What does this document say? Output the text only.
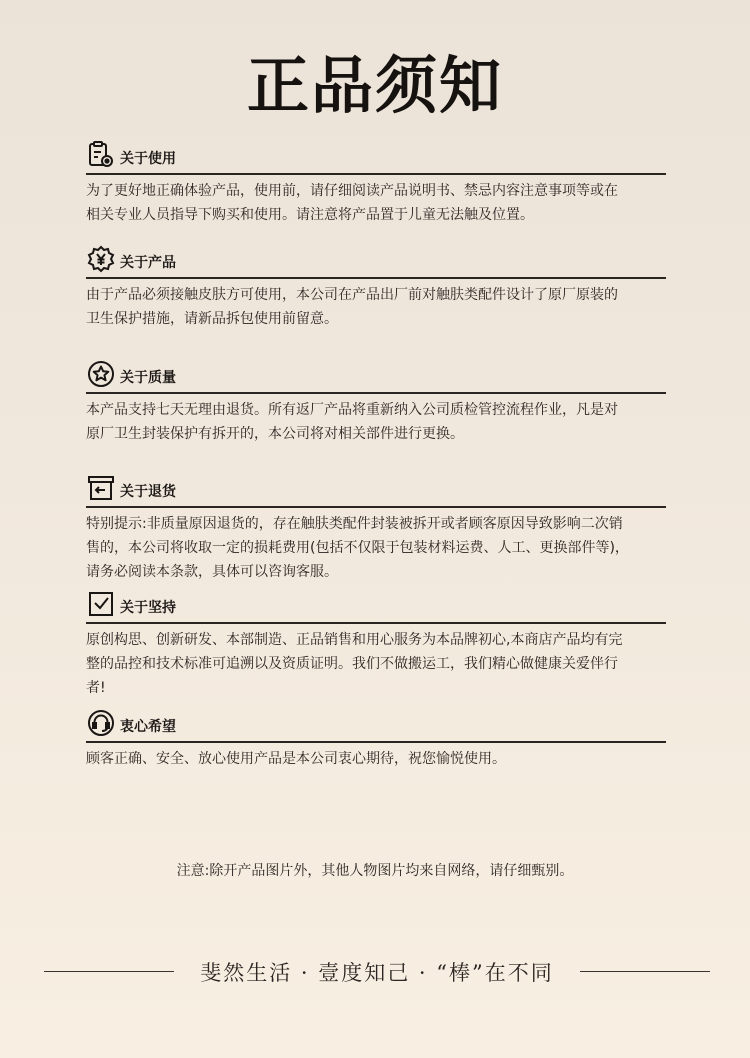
正品须知
关于使用
为了更好地正确体验产品，使用前，请仔细阅读产品说明书、禁忌内容注意事项等或在
相关专业人员指导下购买和使用。请注意将产品置于儿童无法触及位置。
关于产品
由于产品必须接触皮肤方可使用，本公司在产品出厂前对触肤类配件设计了原厂原装的
卫生保护措施，请新品拆包使用前留意。
关于质量
本产品支持七天无理由退货。所有返厂产品将重新纳入公司质检管控流程作业，凡是对
原厂卫生封装保护有拆开的，本公司将对相关部件进行更换。
关于退货
特别提示:非质量原因退货的，存在触肤类配件封装被拆开或者顾客原因导致影响二次销
售的，本公司将收取一定的损耗费用(包括不仅限于包装材料运费、人工、更换部件等)，
请务必阅读本条款，具体可以咨询客服。
关于坚持
原创构思、创新研发、本部制造、正品销售和用心服务为本品牌初心,本商店产品均有完
整的品控和技术标准可追溯以及资质证明。我们不做搬运工，我们精心做健康关爱伴行
者!
衷心希望
顾客正确、安全、放心使用产品是本公司衷心期待，祝您愉悦使用。
注意:除开产品图片外，其他人物图片均来自网络，请仔细甄别。
斐然生活 · 壹度知己 · “棒”在不同
